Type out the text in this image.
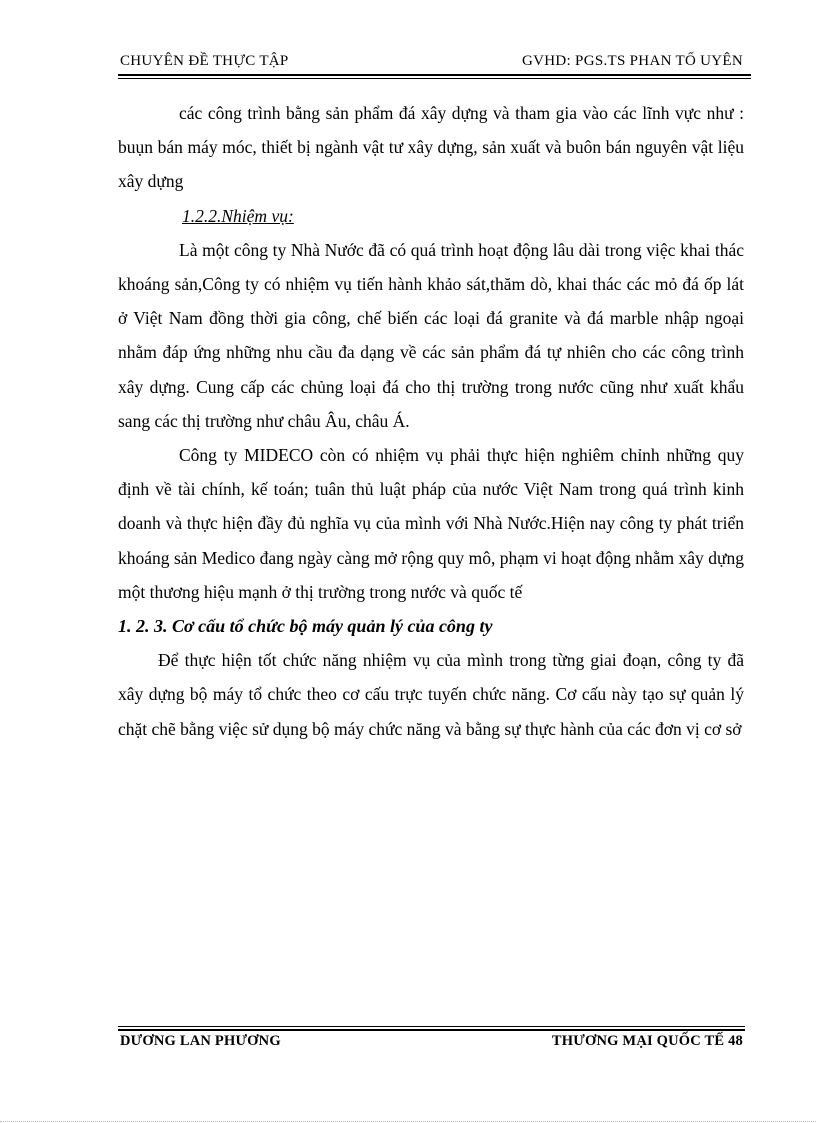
CHUYÊN ĐỀ THỰC TẬP	GVHD: PGS.TS PHAN TỐ UYÊN

các công trình bằng sản phẩm đá xây dựng và tham gia vào các lĩnh vực như : buụn bán máy móc, thiết bị ngành vật tư xây dựng, sản xuất và buôn bán nguyên vật liệu xây dựng

1.2.2.Nhiệm vụ:

Là một công ty Nhà Nước đã có quá trình hoạt động lâu dài trong việc khai thác khoáng sản,Công ty có nhiệm vụ tiến hành khảo sát,thăm dò, khai thác các mỏ đá ốp lát ở Việt Nam đồng thời gia công, chế biến các loại đá granite và đá marble nhập ngoại nhằm đáp ứng những nhu cầu đa dạng về các sản phẩm đá tự nhiên cho các công trình xây dựng. Cung cấp các chủng loại đá cho thị trường trong nước cũng như xuất khẩu sang các thị trường như châu Âu, châu Á.

Công ty MIDECO còn có nhiệm vụ phải thực hiện nghiêm chỉnh những quy định về tài chính, kế toán; tuân thủ luật pháp của nước Việt Nam trong quá trình kinh doanh và thực hiện đầy đủ nghĩa vụ của mình với Nhà Nước.Hiện nay công ty phát triển khoáng sản Medico đang ngày càng mở rộng quy mô, phạm vi hoạt động nhằm xây dựng một thương hiệu mạnh ở thị trường trong nước và quốc tế

1. 2. 3. Cơ cấu tổ chức bộ máy quản lý của công ty

Để thực hiện tốt chức năng nhiệm vụ của mình trong từng giai đoạn, công ty đã xây dựng bộ máy tổ chức theo cơ cấu trực tuyến chức năng. Cơ cấu này tạo sự quản lý chặt chẽ bằng việc sử dụng bộ máy chức năng và bằng sự thực hành của các đơn vị cơ sở

DƯƠNG LAN PHƯƠNG	THƯƠNG MẠI QUỐC TẾ 48
